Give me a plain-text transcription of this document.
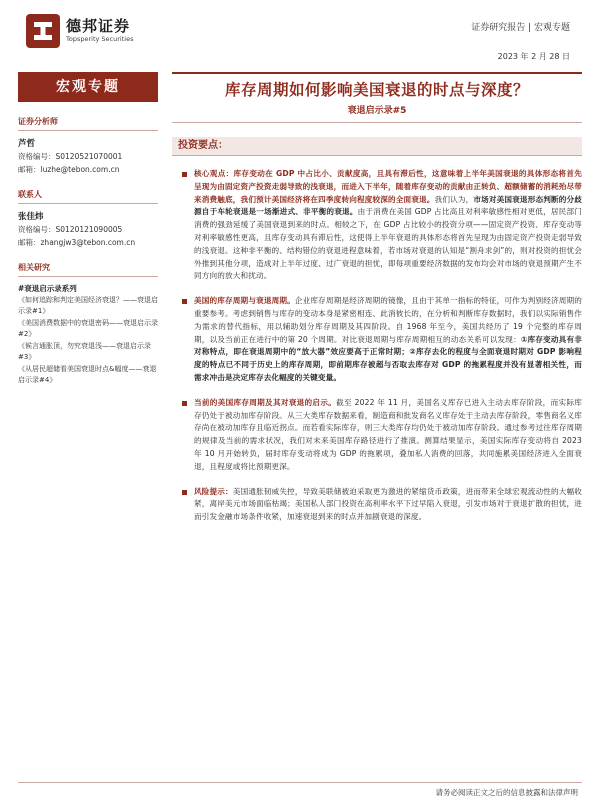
德邦证券
Topsperity Securities
证券研究报告 | 宏观专题
2023 年 2 月 28 日
宏观专题
证券分析师
芦哲
资格编号：S0120521070001
邮箱：luzhe@tebon.com.cn
联系人
张佳炜
资格编号：S0120121090005
邮箱：zhangjw3@tebon.com.cn
相关研究
#衰退启示录系列
《如何追踪和判定美国经济衰退？——衰退启示录#1》
《美国消费数据中的衰退密码——衰退启示录#2》
《候言通胀顶，勿究衰退浅——衰退启示录#3》
《从居民超储看美国衰退时点&幅度——衰退启示录#4》
库存周期如何影响美国衰退的时点与深度？
衰退启示录#5
投资要点：
核心观点：库存变动在 GDP 中占比小、贡献度高，且具有滞后性，这意味着上半年美国衰退的具体形态将首先呈现为由固定资产投资走弱导致的浅衰退，而进入下半年，随着库存变动的贡献由正转负、超额储蓄的消耗殆尽带来消费触底，我们预计美国经济将在四季度转向程度较深的全面衰退。我们认为，市场对美国衰退形态判断的分歧源自于车轮衰退是一场渐进式、非平衡的衰退。由于消费在美国 GDP 占比高且对利率敏感性相对更低，居民部门消费的强劲延缓了美国衰退到来的时点。相较之下，在 GDP 占比较小的投资分项——固定资产投资、库存变动等对利率敏感性更高，且库存变动具有滞后性，这使得上半年衰退的具体形态将首先呈现为由固定资产投资走弱导致的浅衰退。这种非平衡的、结构错位的衰退进程意味着，若市场对衰退的认知是“割舟求剑”的，则对投资的担忧会外推到其他分项，造成对上半年过度、过广衰退的担忧，即每项重要经济数据的发布均会对市场的衰退预期产生不同方向的放大和扰动。
美国的库存周期与衰退周期。企业库存周期是经济周期的镜像，且由于其单一指标的特征，可作为判别经济周期的重要参考。考虑到销售与库存的变动本身是紧密相连、此消彼长的，在分析和判断库存数据时，我们以实际销售作为需求的替代指标，用以辅助划分库存周期及其四阶段。自 1968 年至今，美国共经历了 19 个完整的库存周期，以及当前正在进行中的第 20 个周期。对比衰退周期与库存周期相互的动态关系可以发现：①库存变动具有非对称特点，即在衰退周期中的“放大器”效应要高于正常时期；②库存去化的程度与全面衰退时期对 GDP 影响程度的特点已不同于历史上的库存周期，即前期库存被超与否取去库存对 GDP 的拖累程度并没有显著相关性，而需求冲击是决定库存去化幅度的关键变量。
当前的美国库存周期及其对衰退的启示。截至 2022 年 11 月，美国名义库存已进入主动去库存阶段，而实际库存仍处于被动加库存阶段。从三大类库存数据来看，制造商和批发商名义库存处于主动去库存阶段，零售商名义库存尚在被动加库存且临近拐点。而若看实际库存，则三大类库存均仍处于被动加库存阶段。通过参考过往库存周期的规律及当前的需求状况，我们对未来美国库存路径进行了推演。测算结果显示，美国实际库存变动将自 2023 年 10 月开始转负，届时库存变动将成为 GDP 的拖累项，叠加私人消费的回落，共同施累美国经济进入全面衰退，且程度或将比预期更深。
风险提示：美国通胀韧威失控，导致美联储被迫采取更为激进的紧缩货币政策，进而带来全球宏观流动性的大幅收紧，离岸美元市场面临枯竭；美国私人部门投资在高利率水平下过早陷入衰退，引发市场对于衰退扩散的担忧，进而引发金融市场条件收紧，加速衰退到来的时点并加剧衰退的深度。
请务必阅读正文之后的信息披露和法律声明
